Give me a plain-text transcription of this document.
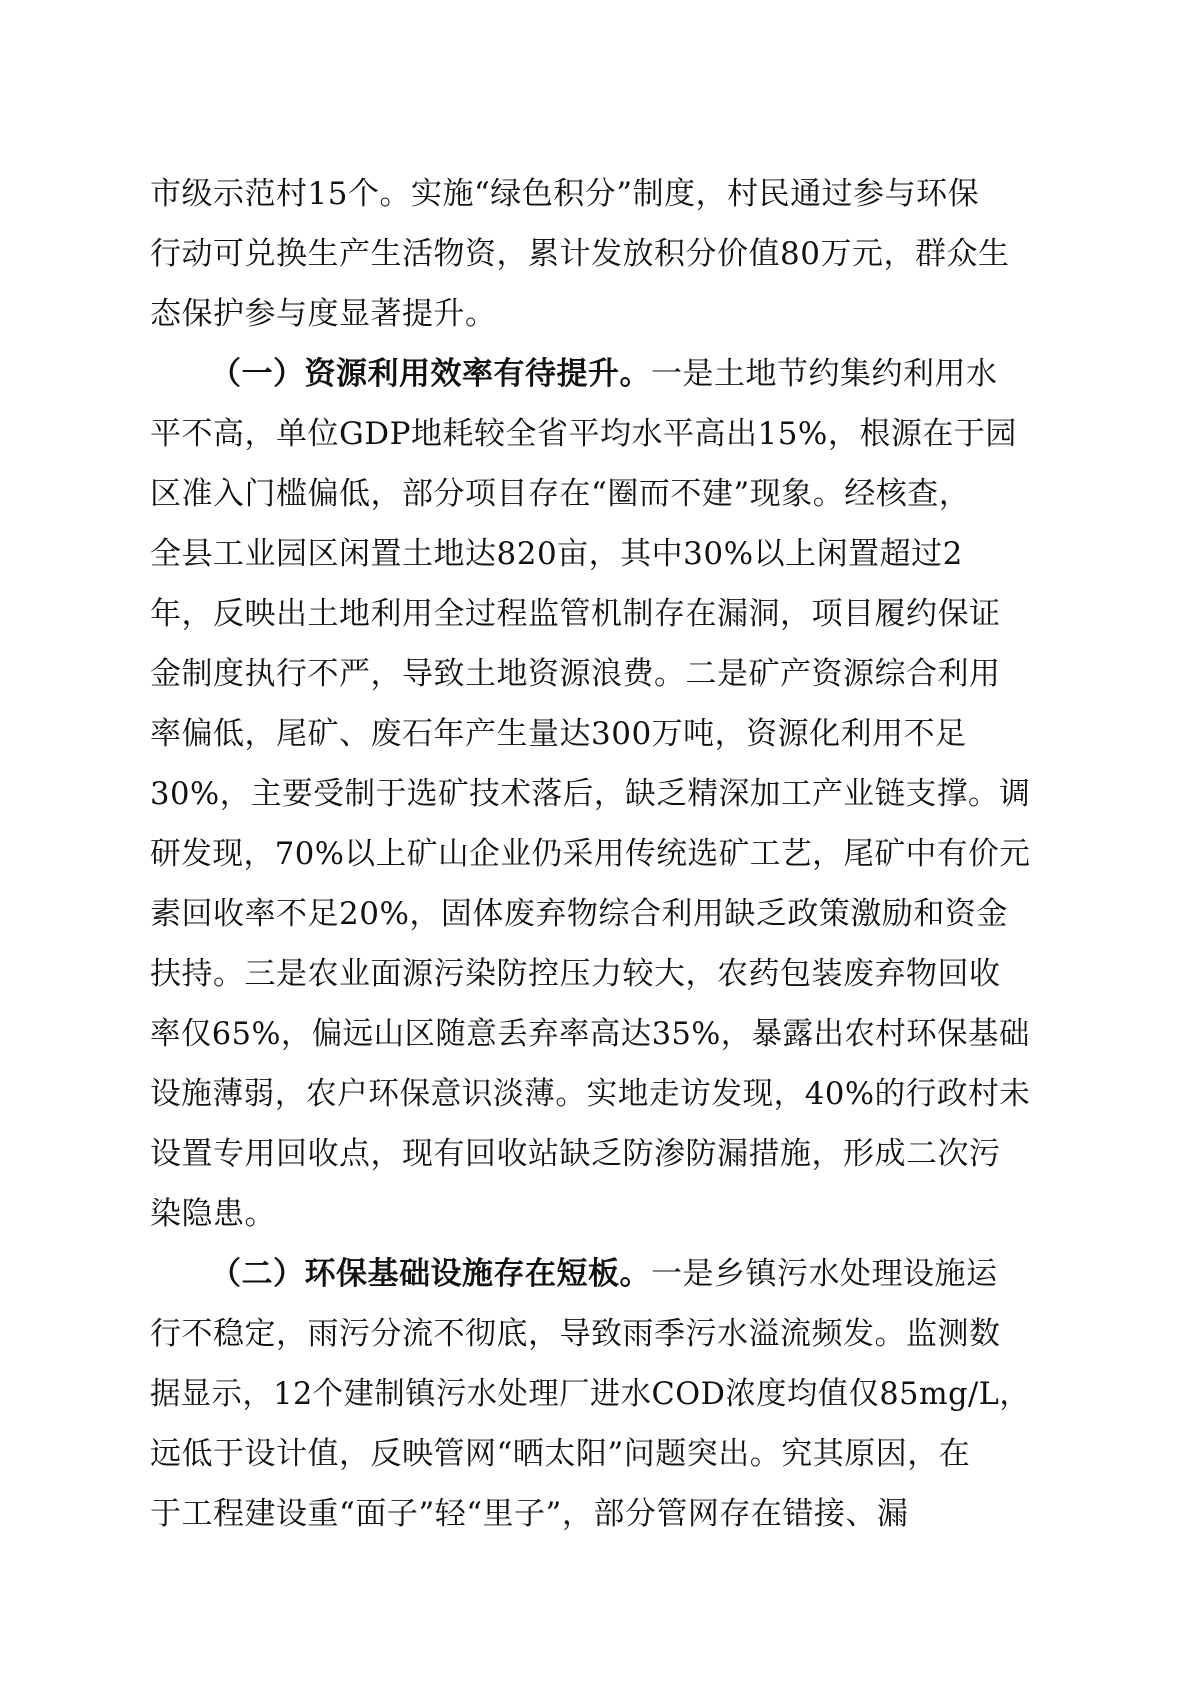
市级示范村15个。实施“绿色积分”制度，村民通过参与环保
行动可兑换生产生活物资，累计发放积分价值80万元，群众生
态保护参与度显著提升。
（一）资源利用效率有待提升。一是土地节约集约利用水
平不高，单位GDP地耗较全省平均水平高出15%，根源在于园
区准入门槛偏低，部分项目存在“圈而不建”现象。经核查，
全县工业园区闲置土地达820亩，其中30%以上闲置超过2
年，反映出土地利用全过程监管机制存在漏洞，项目履约保证
金制度执行不严，导致土地资源浪费。二是矿产资源综合利用
率偏低，尾矿、废石年产生量达300万吨，资源化利用不足
30%，主要受制于选矿技术落后，缺乏精深加工产业链支撑。调
研发现，70%以上矿山企业仍采用传统选矿工艺，尾矿中有价元
素回收率不足20%，固体废弃物综合利用缺乏政策激励和资金
扶持。三是农业面源污染防控压力较大，农药包装废弃物回收
率仅65%，偏远山区随意丢弃率高达35%，暴露出农村环保基础
设施薄弱，农户环保意识淡薄。实地走访发现，40%的行政村未
设置专用回收点，现有回收站缺乏防渗防漏措施，形成二次污
染隐患。
（二）环保基础设施存在短板。一是乡镇污水处理设施运
行不稳定，雨污分流不彻底，导致雨季污水溢流频发。监测数
据显示，12个建制镇污水处理厂进水COD浓度均值仅85mg/L，
远低于设计值，反映管网“晒太阳”问题突出。究其原因，在
于工程建设重“面子”轻“里子”，部分管网存在错接、漏
